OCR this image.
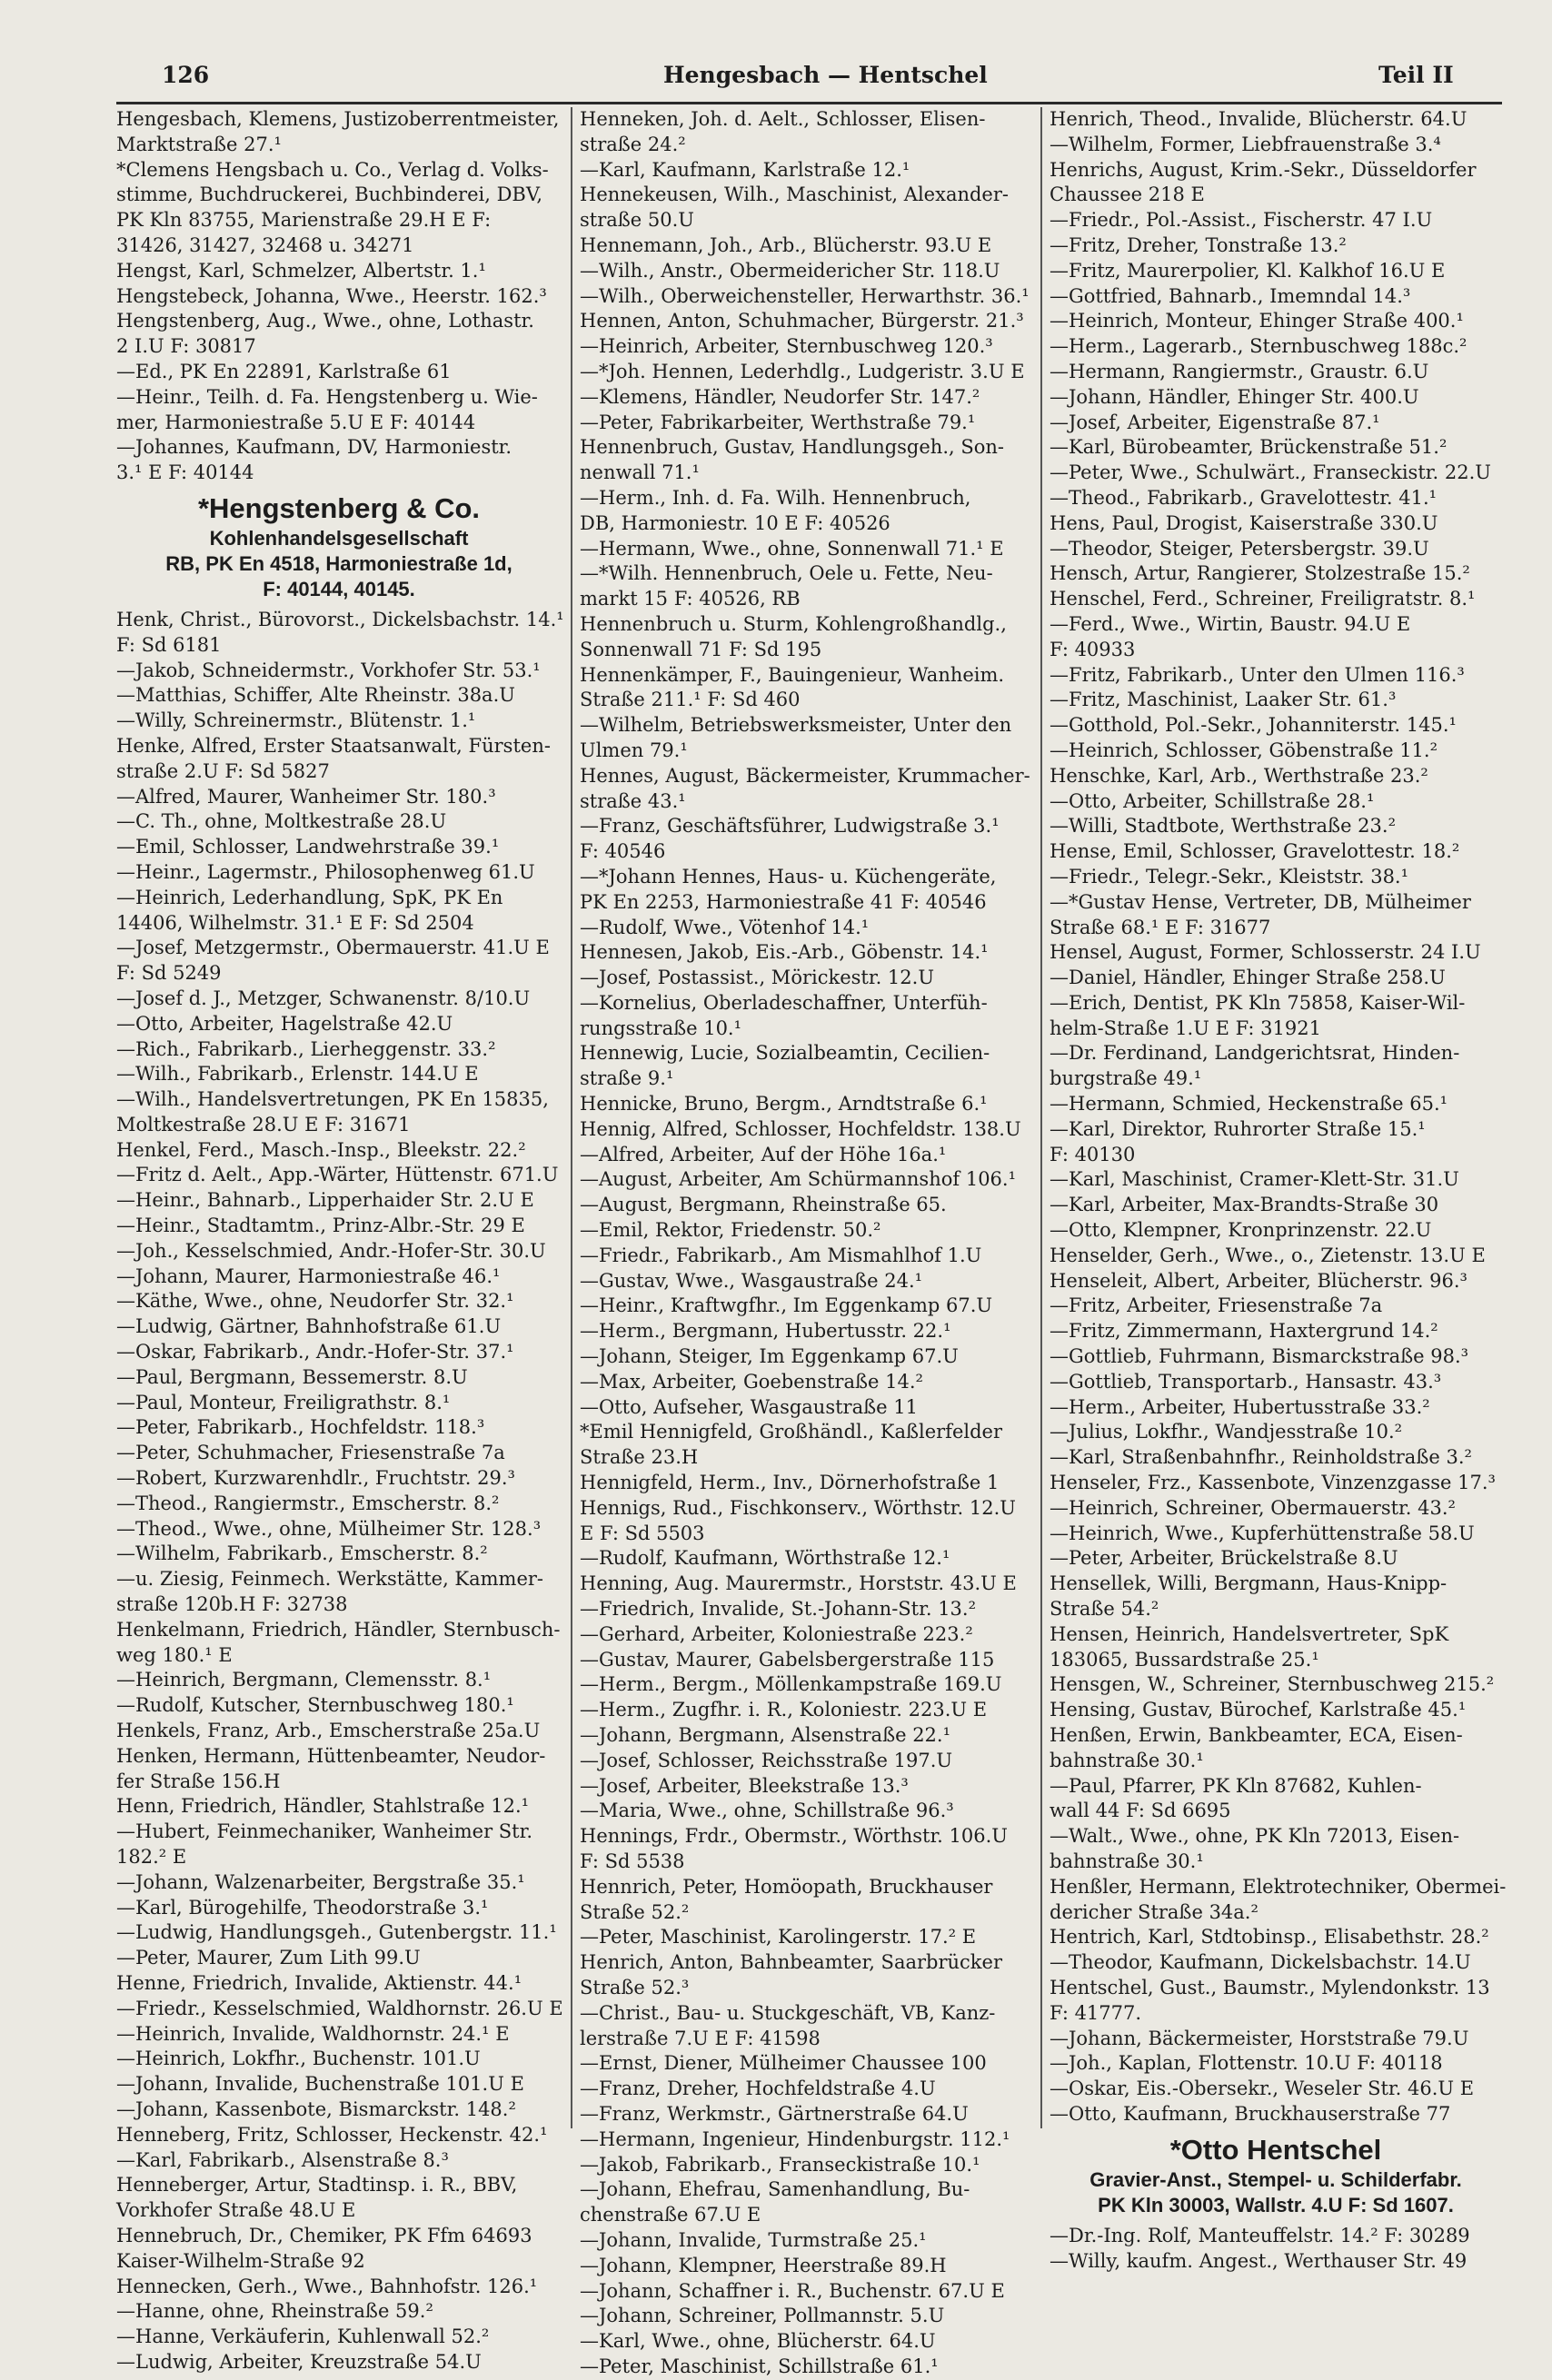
126	Hengesbach — Hentschel	Teil II
Hengesbach, Klemens, Justizoberrentmeister,
Marktstraße 27.¹
*Clemens Hengsbach u. Co., Verlag d. Volks-
stimme, Buchdruckerei, Buchbinderei, DBV,
PK Kln 83755, Marienstraße 29.H E F:
31426, 31427, 32468 u. 34271
Hengst, Karl, Schmelzer, Albertstr. 1.¹
Hengstebeck, Johanna, Wwe., Heerstr. 162.³
Hengstenberg, Aug., Wwe., ohne, Lothastr.
2 I.U F: 30817
—Ed., PK En 22891, Karlstraße 61
—Heinr., Teilh. d. Fa. Hengstenberg u. Wie-
mer, Harmoniestraße 5.U E F: 40144
—Johannes, Kaufmann, DV, Harmoniestr.
3.¹ E F: 40144
*Hengstenberg & Co.
Kohlenhandelsgesellschaft
RB, PK En 4518, Harmoniestraße 1d,
F: 40144, 40145.
Henk, Christ., Bürovorst., Dickelsbachstr. 14.¹
F: Sd 6181
—Jakob, Schneidermstr., Vorkhofer Str. 53.¹
—Matthias, Schiffer, Alte Rheinstr. 38a.U
—Willy, Schreinermstr., Blütenstr. 1.¹
Henke, Alfred, Erster Staatsanwalt, Fürsten-
straße 2.U F: Sd 5827
—Alfred, Maurer, Wanheimer Str. 180.³
—C. Th., ohne, Moltkestraße 28.U
—Emil, Schlosser, Landwehrstraße 39.¹
—Heinr., Lagermstr., Philosophenweg 61.U
—Heinrich, Lederhandlung, SpK, PK En
14406, Wilhelmstr. 31.¹ E F: Sd 2504
—Josef, Metzgermstr., Obermauerstr. 41.U E
F: Sd 5249
—Josef d. J., Metzger, Schwanenstr. 8/10.U
—Otto, Arbeiter, Hagelstraße 42.U
—Rich., Fabrikarb., Lierheggenstr. 33.²
—Wilh., Fabrikarb., Erlenstr. 144.U E
—Wilh., Handelsvertretungen, PK En 15835,
Moltkestraße 28.U E F: 31671
Henkel, Ferd., Masch.-Insp., Bleekstr. 22.²
—Fritz d. Aelt., App.-Wärter, Hüttenstr. 671.U
—Heinr., Bahnarb., Lipperhaider Str. 2.U E
—Heinr., Stadtamtm., Prinz-Albr.-Str. 29 E
—Joh., Kesselschmied, Andr.-Hofer-Str. 30.U
—Johann, Maurer, Harmoniestraße 46.¹
—Käthe, Wwe., ohne, Neudorfer Str. 32.¹
—Ludwig, Gärtner, Bahnhofstraße 61.U
—Oskar, Fabrikarb., Andr.-Hofer-Str. 37.¹
—Paul, Bergmann, Bessemerstr. 8.U
—Paul, Monteur, Freiligrathstr. 8.¹
—Peter, Fabrikarb., Hochfeldstr. 118.³
—Peter, Schuhmacher, Friesenstraße 7a
—Robert, Kurzwarenhdlr., Fruchtstr. 29.³
—Theod., Rangiermstr., Emscherstr. 8.²
—Theod., Wwe., ohne, Mülheimer Str. 128.³
—Wilhelm, Fabrikarb., Emscherstr. 8.²
—u. Ziesig, Feinmech. Werkstätte, Kammer-
straße 120b.H F: 32738
Henkelmann, Friedrich, Händler, Sternbusch-
weg 180.¹ E
—Heinrich, Bergmann, Clemensstr. 8.¹
—Rudolf, Kutscher, Sternbuschweg 180.¹
Henkels, Franz, Arb., Emscherstraße 25a.U
Henken, Hermann, Hüttenbeamter, Neudor-
fer Straße 156.H
Henn, Friedrich, Händler, Stahlstraße 12.¹
—Hubert, Feinmechaniker, Wanheimer Str.
182.² E
—Johann, Walzenarbeiter, Bergstraße 35.¹
—Karl, Bürogehilfe, Theodorstraße 3.¹
—Ludwig, Handlungsgeh., Gutenbergstr. 11.¹
—Peter, Maurer, Zum Lith 99.U
Henne, Friedrich, Invalide, Aktienstr. 44.¹
—Friedr., Kesselschmied, Waldhornstr. 26.U E
—Heinrich, Invalide, Waldhornstr. 24.¹ E
—Heinrich, Lokfhr., Buchenstr. 101.U
—Johann, Invalide, Buchenstraße 101.U E
—Johann, Kassenbote, Bismarckstr. 148.²
Henneberg, Fritz, Schlosser, Heckenstr. 42.¹
—Karl, Fabrikarb., Alsenstraße 8.³
Henneberger, Artur, Stadtinsp. i. R., BBV,
Vorkhofer Straße 48.U E
Hennebruch, Dr., Chemiker, PK Ffm 64693
Kaiser-Wilhelm-Straße 92
Hennecken, Gerh., Wwe., Bahnhofstr. 126.¹
—Hanne, ohne, Rheinstraße 59.²
—Hanne, Verkäuferin, Kuhlenwall 52.²
—Ludwig, Arbeiter, Kreuzstraße 54.U
Henneken, Joh. d. Aelt., Schlosser, Elisen-
straße 24.²
—Karl, Kaufmann, Karlstraße 12.¹
Hennekeusen, Wilh., Maschinist, Alexander-
straße 50.U
Hennemann, Joh., Arb., Blücherstr. 93.U E
—Wilh., Anstr., Obermeidericher Str. 118.U
—Wilh., Oberweichensteller, Herwarthstr. 36.¹
Hennen, Anton, Schuhmacher, Bürgerstr. 21.³
—Heinrich, Arbeiter, Sternbuschweg 120.³
—*Joh. Hennen, Lederhdlg., Ludgeristr. 3.U E
—Klemens, Händler, Neudorfer Str. 147.²
—Peter, Fabrikarbeiter, Werthstraße 79.¹
Hennenbruch, Gustav, Handlungsgeh., Son-
nenwall 71.¹
—Herm., Inh. d. Fa. Wilh. Hennenbruch,
DB, Harmoniestr. 10 E F: 40526
—Hermann, Wwe., ohne, Sonnenwall 71.¹ E
—*Wilh. Hennenbruch, Oele u. Fette, Neu-
markt 15 F: 40526, RB
Hennenbruch u. Sturm, Kohlengroßhandlg.,
Sonnenwall 71 F: Sd 195
Hennenkämper, F., Bauingenieur, Wanheim.
Straße 211.¹ F: Sd 460
—Wilhelm, Betriebswerksmeister, Unter den
Ulmen 79.¹
Hennes, August, Bäckermeister, Krummacher-
straße 43.¹
—Franz, Geschäftsführer, Ludwigstraße 3.¹
F: 40546
—*Johann Hennes, Haus- u. Küchengeräte,
PK En 2253, Harmoniestraße 41 F: 40546
—Rudolf, Wwe., Vötenhof 14.¹
Hennesen, Jakob, Eis.-Arb., Göbenstr. 14.¹
—Josef, Postassist., Mörickestr. 12.U
—Kornelius, Oberladeschaffner, Unterfüh-
rungsstraße 10.¹
Hennewig, Lucie, Sozialbeamtin, Cecilien-
straße 9.¹
Hennicke, Bruno, Bergm., Arndtstraße 6.¹
Hennig, Alfred, Schlosser, Hochfeldstr. 138.U
—Alfred, Arbeiter, Auf der Höhe 16a.¹
—August, Arbeiter, Am Schürmannshof 106.¹
—August, Bergmann, Rheinstraße 65.
—Emil, Rektor, Friedenstr. 50.²
—Friedr., Fabrikarb., Am Mismahlhof 1.U
—Gustav, Wwe., Wasgaustraße 24.¹
—Heinr., Kraftwgfhr., Im Eggenkamp 67.U
—Herm., Bergmann, Hubertusstr. 22.¹
—Johann, Steiger, Im Eggenkamp 67.U
—Max, Arbeiter, Goebenstraße 14.²
—Otto, Aufseher, Wasgaustraße 11
*Emil Hennigfeld, Großhändl., Kaßlerfelder
Straße 23.H
Hennigfeld, Herm., Inv., Dörnerhofstraße 1
Hennigs, Rud., Fischkonserv., Wörthstr. 12.U
E F: Sd 5503
—Rudolf, Kaufmann, Wörthstraße 12.¹
Henning, Aug. Maurermstr., Horststr. 43.U E
—Friedrich, Invalide, St.-Johann-Str. 13.²
—Gerhard, Arbeiter, Koloniestraße 223.²
—Gustav, Maurer, Gabelsbergerstraße 115
—Herm., Bergm., Möllenkampstraße 169.U
—Herm., Zugfhr. i. R., Koloniestr. 223.U E
—Johann, Bergmann, Alsenstraße 22.¹
—Josef, Schlosser, Reichsstraße 197.U
—Josef, Arbeiter, Bleekstraße 13.³
—Maria, Wwe., ohne, Schillstraße 96.³
Hennings, Frdr., Obermstr., Wörthstr. 106.U
F: Sd 5538
Hennrich, Peter, Homöopath, Bruckhauser
Straße 52.²
—Peter, Maschinist, Karolingerstr. 17.² E
Henrich, Anton, Bahnbeamter, Saarbrücker
Straße 52.³
—Christ., Bau- u. Stuckgeschäft, VB, Kanz-
lerstraße 7.U E F: 41598
—Ernst, Diener, Mülheimer Chaussee 100
—Franz, Dreher, Hochfeldstraße 4.U
—Franz, Werkmstr., Gärtnerstraße 64.U
—Hermann, Ingenieur, Hindenburgstr. 112.¹
—Jakob, Fabrikarb., Franseckistraße 10.¹
—Johann, Ehefrau, Samenhandlung, Bu-
chenstraße 67.U E
—Johann, Invalide, Turmstraße 25.¹
—Johann, Klempner, Heerstraße 89.H
—Johann, Schaffner i. R., Buchenstr. 67.U E
—Johann, Schreiner, Pollmannstr. 5.U
—Karl, Wwe., ohne, Blücherstr. 64.U
—Peter, Maschinist, Schillstraße 61.¹
Henrich, Theod., Invalide, Blücherstr. 64.U
—Wilhelm, Former, Liebfrauenstraße 3.⁴
Henrichs, August, Krim.-Sekr., Düsseldorfer
Chaussee 218 E
—Friedr., Pol.-Assist., Fischerstr. 47 I.U
—Fritz, Dreher, Tonstraße 13.²
—Fritz, Maurerpolier, Kl. Kalkhof 16.U E
—Gottfried, Bahnarb., Imemndal 14.³
—Heinrich, Monteur, Ehinger Straße 400.¹
—Herm., Lagerarb., Sternbuschweg 188c.²
—Hermann, Rangiermstr., Graustr. 6.U
—Johann, Händler, Ehinger Str. 400.U
—Josef, Arbeiter, Eigenstraße 87.¹
—Karl, Bürobeamter, Brückenstraße 51.²
—Peter, Wwe., Schulwärt., Franseckistr. 22.U
—Theod., Fabrikarb., Gravelottestr. 41.¹
Hens, Paul, Drogist, Kaiserstraße 330.U
—Theodor, Steiger, Petersbergstr. 39.U
Hensch, Artur, Rangierer, Stolzestraße 15.²
Henschel, Ferd., Schreiner, Freiligratstr. 8.¹
—Ferd., Wwe., Wirtin, Baustr. 94.U E
F: 40933
—Fritz, Fabrikarb., Unter den Ulmen 116.³
—Fritz, Maschinist, Laaker Str. 61.³
—Gotthold, Pol.-Sekr., Johanniterstr. 145.¹
—Heinrich, Schlosser, Göbenstraße 11.²
Henschke, Karl, Arb., Werthstraße 23.²
—Otto, Arbeiter, Schillstraße 28.¹
—Willi, Stadtbote, Werthstraße 23.²
Hense, Emil, Schlosser, Gravelottestr. 18.²
—Friedr., Telegr.-Sekr., Kleiststr. 38.¹
—*Gustav Hense, Vertreter, DB, Mülheimer
Straße 68.¹ E F: 31677
Hensel, August, Former, Schlosserstr. 24 I.U
—Daniel, Händler, Ehinger Straße 258.U
—Erich, Dentist, PK Kln 75858, Kaiser-Wil-
helm-Straße 1.U E F: 31921
—Dr. Ferdinand, Landgerichtsrat, Hinden-
burgstraße 49.¹
—Hermann, Schmied, Heckenstraße 65.¹
—Karl, Direktor, Ruhrorter Straße 15.¹
F: 40130
—Karl, Maschinist, Cramer-Klett-Str. 31.U
—Karl, Arbeiter, Max-Brandts-Straße 30
—Otto, Klempner, Kronprinzenstr. 22.U
Henselder, Gerh., Wwe., o., Zietenstr. 13.U E
Henseleit, Albert, Arbeiter, Blücherstr. 96.³
—Fritz, Arbeiter, Friesenstraße 7a
—Fritz, Zimmermann, Haxtergrund 14.²
—Gottlieb, Fuhrmann, Bismarckstraße 98.³
—Gottlieb, Transportarb., Hansastr. 43.³
—Herm., Arbeiter, Hubertusstraße 33.²
—Julius, Lokfhr., Wandjesstraße 10.²
—Karl, Straßenbahnfhr., Reinholdstraße 3.²
Henseler, Frz., Kassenbote, Vinzenzgasse 17.³
—Heinrich, Schreiner, Obermauerstr. 43.²
—Heinrich, Wwe., Kupferhüttenstraße 58.U
—Peter, Arbeiter, Brückelstraße 8.U
Hensellek, Willi, Bergmann, Haus-Knipp-
Straße 54.²
Hensen, Heinrich, Handelsvertreter, SpK
183065, Bussardstraße 25.¹
Hensgen, W., Schreiner, Sternbuschweg 215.²
Hensing, Gustav, Bürochef, Karlstraße 45.¹
Henßen, Erwin, Bankbeamter, ECA, Eisen-
bahnstraße 30.¹
—Paul, Pfarrer, PK Kln 87682, Kuhlen-
wall 44 F: Sd 6695
—Walt., Wwe., ohne, PK Kln 72013, Eisen-
bahnstraße 30.¹
Henßler, Hermann, Elektrotechniker, Obermei-
dericher Straße 34a.²
Hentrich, Karl, Stdtobinsp., Elisabethstr. 28.²
—Theodor, Kaufmann, Dickelsbachstr. 14.U
Hentschel, Gust., Baumstr., Mylendonkstr. 13
F: 41777.
—Johann, Bäckermeister, Horststraße 79.U
—Joh., Kaplan, Flottenstr. 10.U F: 40118
—Oskar, Eis.-Obersekr., Weseler Str. 46.U E
—Otto, Kaufmann, Bruckhauserstraße 77
*Otto Hentschel
Gravier-Anst., Stempel- u. Schilderfabr.
PK Kln 30003, Wallstr. 4.U F: Sd 1607.
—Dr.-Ing. Rolf, Manteuffelstr. 14.² F: 30289
—Willy, kaufm. Angest., Werthauser Str. 49
